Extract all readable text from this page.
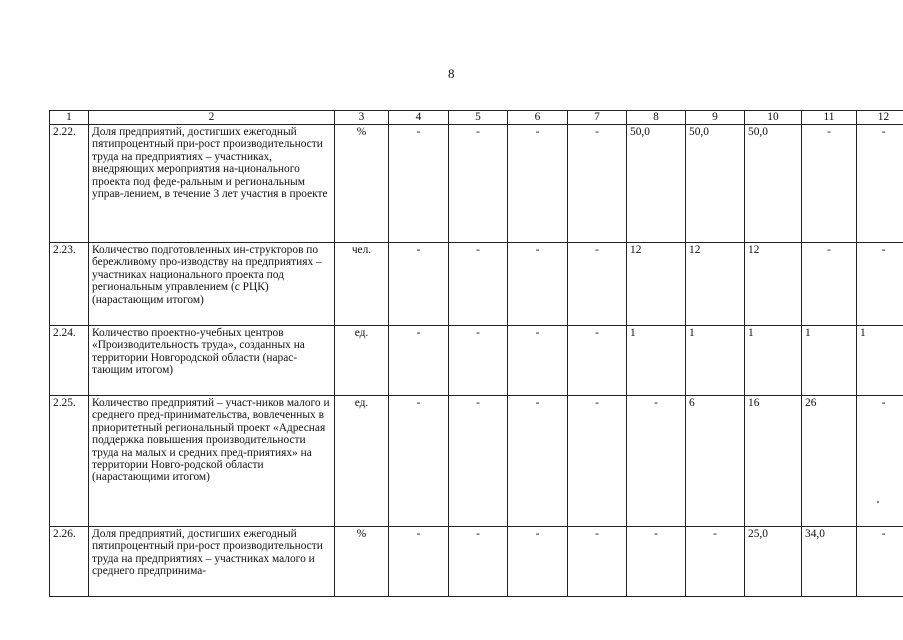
8
1	2	3	4	5	6	7	8	9	10	11	12
2.22.	Доля предприятий, достигших ежегодный пятипроцентный при-рост производительности труда на предприятиях – участниках, внедряющих мероприятия на-ционального проекта под феде-ральным и региональным управ-лением, в течение 3 лет участия в проекте	%	-	-	-	-	50,0	50,0	50,0	-	-
2.23.	Количество подготовленных ин-структоров по бережливому про-изводству на предприятиях – участниках национального проекта под региональным управлением (с РЦК) (нарастающим итогом)	чел.	-	-	-	-	12	12	12	-	-
2.24.	Количество проектно-учебных центров «Производительность труда», созданных на территории Новгородской области (нарас-тающим итогом)	ед.	-	-	-	-	1	1	1	1	1
2.25.	Количество предприятий – участ-ников малого и среднего пред-принимательства, вовлеченных в приоритетный региональный проект «Адресная поддержка повышения производительности труда на малых и средних пред-приятиях» на территории Новго-родской области (нарастающими итогом)	ед.	-	-	-	-	-	6	16	26	-
2.26.	Доля предприятий, достигших ежегодный пятипроцентный при-рост производительности труда на предприятиях – участниках малого и среднего предпринима-	%	-	-	-	-	-	-	25,0	34,0	-
